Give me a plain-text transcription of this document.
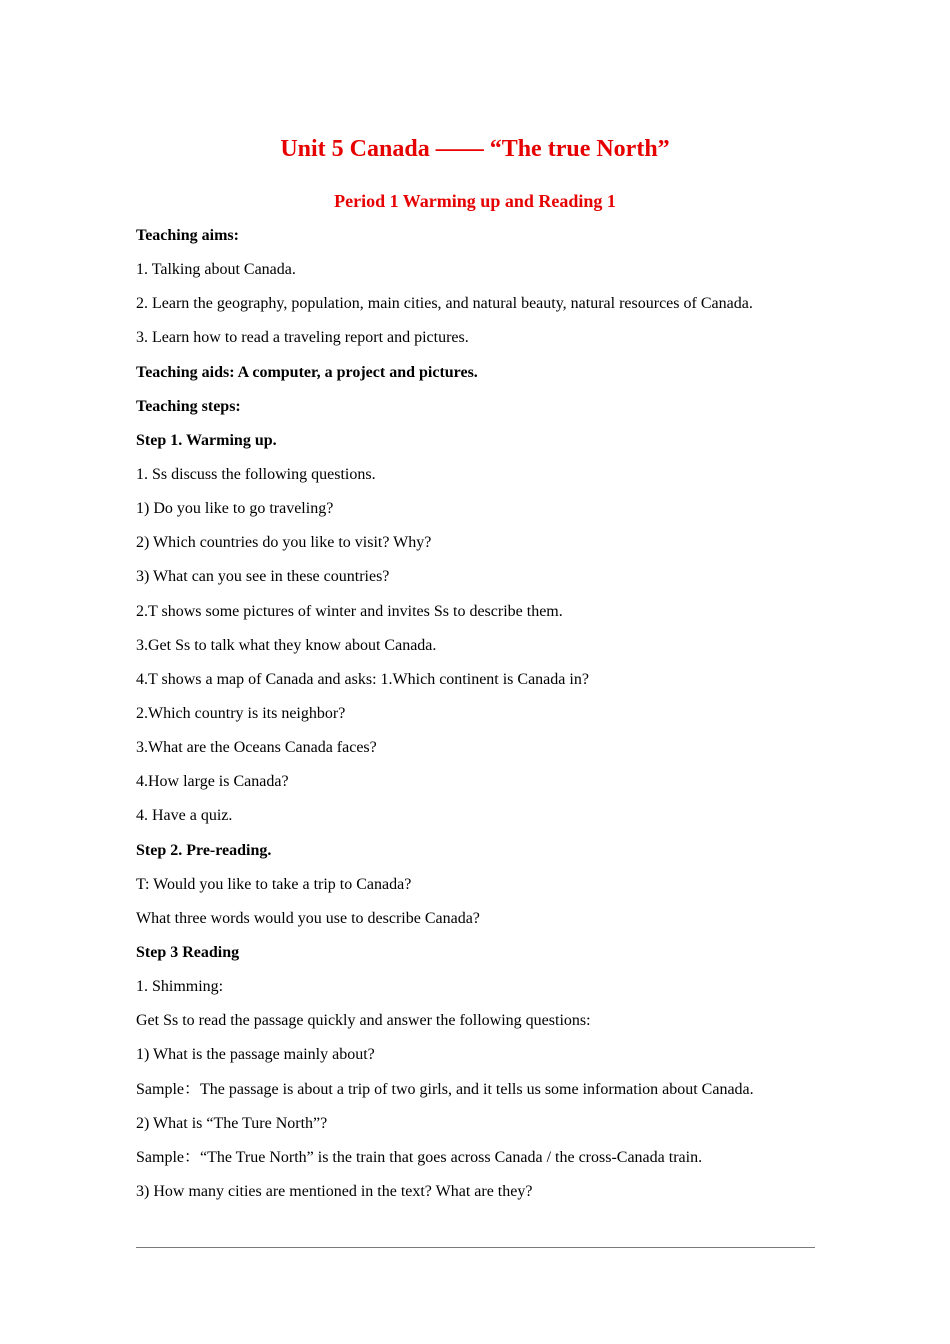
Unit 5 Canada —— “The true North”
Period 1 Warming up and Reading 1
Teaching aims:
1. Talking about Canada.
2. Learn the geography, population, main cities, and natural beauty, natural resources of Canada.
3. Learn how to read a traveling report and pictures.
Teaching aids: A computer, a project and pictures.
Teaching steps:
Step 1. Warming up.
1. Ss discuss the following questions.
1) Do you like to go traveling?
2) Which countries do you like to visit? Why?
3) What can you see in these countries?
2.T shows some pictures of winter and invites Ss to describe them.
3.Get Ss to talk what they know about Canada.
4.T shows a map of Canada and asks: 1.Which continent is Canada in?
2.Which country is its neighbor?
3.What are the Oceans Canada faces?
4.How large is Canada?
4. Have a quiz.
Step 2. Pre-reading.
T: Would you like to take a trip to Canada?
What three words would you use to describe Canada?
Step 3 Reading
1. Shimming:
Get Ss to read the passage quickly and answer the following questions:
1) What is the passage mainly about?
Sample：The passage is about a trip of two girls, and it tells us some information about Canada.
2) What is “The Ture North”?
Sample：“The True North” is the train that goes across Canada / the cross-Canada train.
3) How many cities are mentioned in the text? What are they?
